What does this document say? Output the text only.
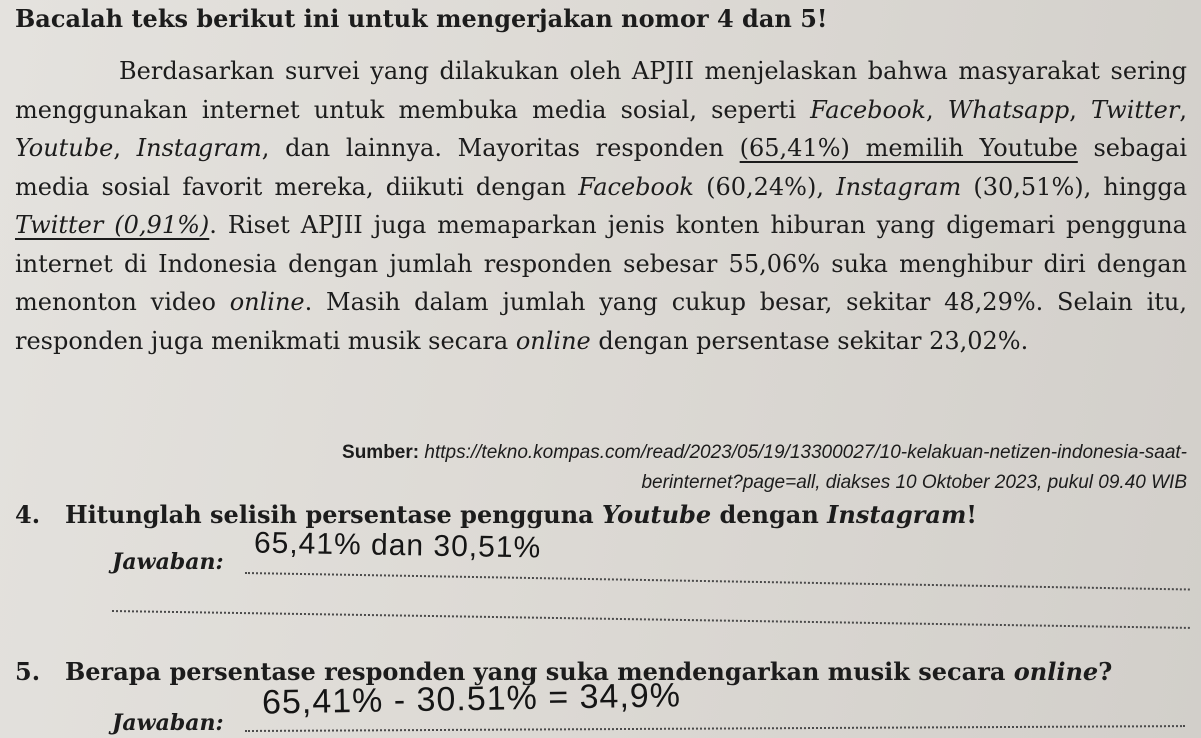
Bacalah teks berikut ini untuk mengerjakan nomor 4 dan 5!
Berdasarkan survei yang dilakukan oleh APJII menjelaskan bahwa masyarakat sering menggunakan internet untuk membuka media sosial, seperti Facebook, Whatsapp, Twitter, Youtube, Instagram, dan lainnya. Mayoritas responden (65,41%) memilih Youtube sebagai media sosial favorit mereka, diikuti dengan Facebook (60,24%), Instagram (30,51%), hingga Twitter (0,91%). Riset APJII juga memaparkan jenis konten hiburan yang digemari pengguna internet di Indonesia dengan jumlah responden sebesar 55,06% suka menghibur diri dengan menonton video online. Masih dalam jumlah yang cukup besar, sekitar 48,29%. Selain itu, responden juga menikmati musik secara online dengan persentase sekitar 23,02%.
Sumber: https://tekno.kompas.com/read/2023/05/19/13300027/10-kelakuan-netizen-indonesia-saat-
berinternet?page=all, diakses 10 Oktober 2023, pukul 09.40 WIB
4. Hitunglah selisih persentase pengguna Youtube dengan Instagram!
Jawaban: 65,41% dan 30,51%
5. Berapa persentase responden yang suka mendengarkan musik secara online?
Jawaban:
65,41% - 30.51% = 34,9%
